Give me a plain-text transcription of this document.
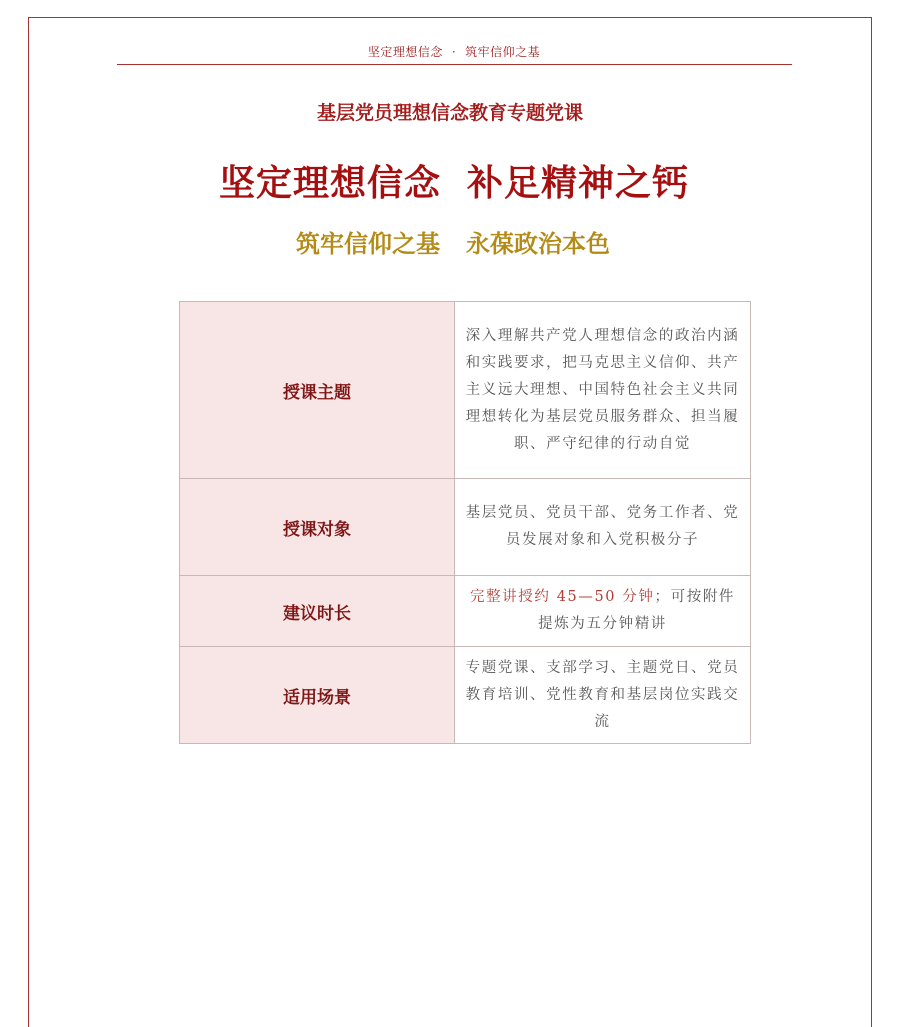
坚定理想信念 · 筑牢信仰之基
基层党员理想信念教育专题党课
坚定理想信念 补足精神之钙
筑牢信仰之基 永葆政治本色
授课主题	深入理解共产党人理想信念的政治内涵和实践要求，把马克思主义信仰、共产主义远大理想、中国特色社会主义共同理想转化为基层党员服务群众、担当履职、严守纪律的行动自觉
授课对象	基层党员、党员干部、党务工作者、党员发展对象和入党积极分子
建议时长	完整讲授约 45—50 分钟；可按附件提炼为五分钟精讲
适用场景	专题党课、支部学习、主题党日、党员教育培训、党性教育和基层岗位实践交流
